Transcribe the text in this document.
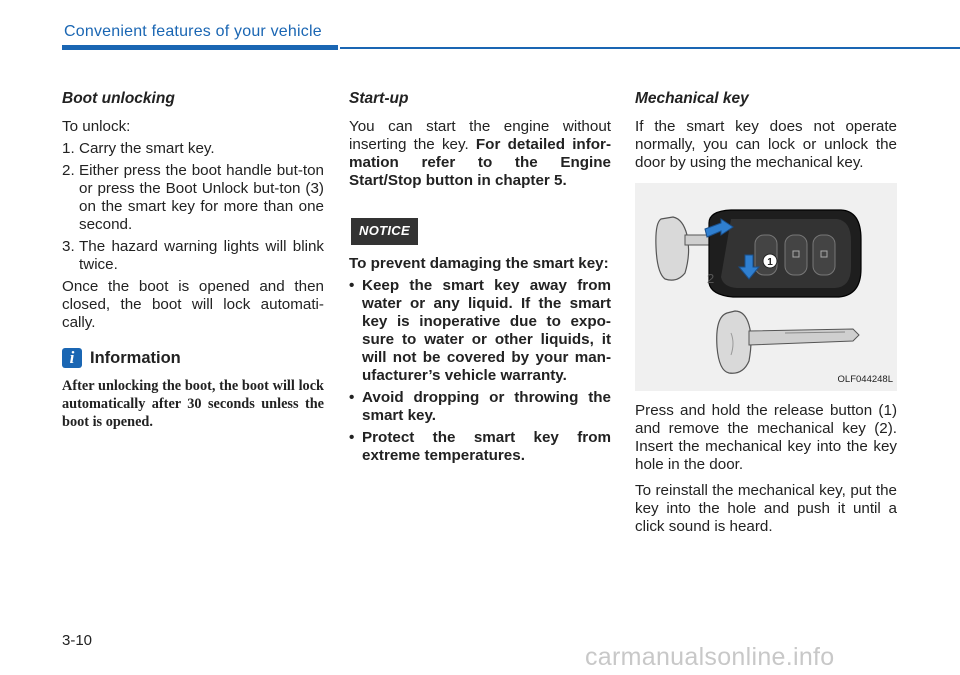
Convenient features of your vehicle
Boot unlocking

To unlock:

1. Carry the smart key.
2. Either press the boot handle but-ton or press the Boot Unlock but-ton (3) on the smart key for more than one second.
3. The hazard warning lights will blink twice.

Once the boot is opened and then closed, the boot will lock automati-cally.

i Information
After unlocking the boot, the boot will lock automatically after 30 seconds unless the boot is opened.
Start-up

You can start the engine without inserting the key. For detailed infor-mation refer to the Engine Start/Stop button in chapter 5.

NOTICE

To prevent damaging the smart key:

• Keep the smart key away from water or any liquid. If the smart key is inoperative due to expo-sure to water or other liquids, it will not be covered by your man-ufacturer’s vehicle warranty.
• Avoid dropping or throwing the smart key.
• Protect the smart key from extreme temperatures.
Mechanical key

If the smart key does not operate normally, you can lock or unlock the door by using the mechanical key.

1
2
OLF044248L

Press and hold the release button (1) and remove the mechanical key (2). Insert the mechanical key into the key hole in the door.

To reinstall the mechanical key, put the key into the hole and push it until a click sound is heard.

3-10
carmanualsonline.info
